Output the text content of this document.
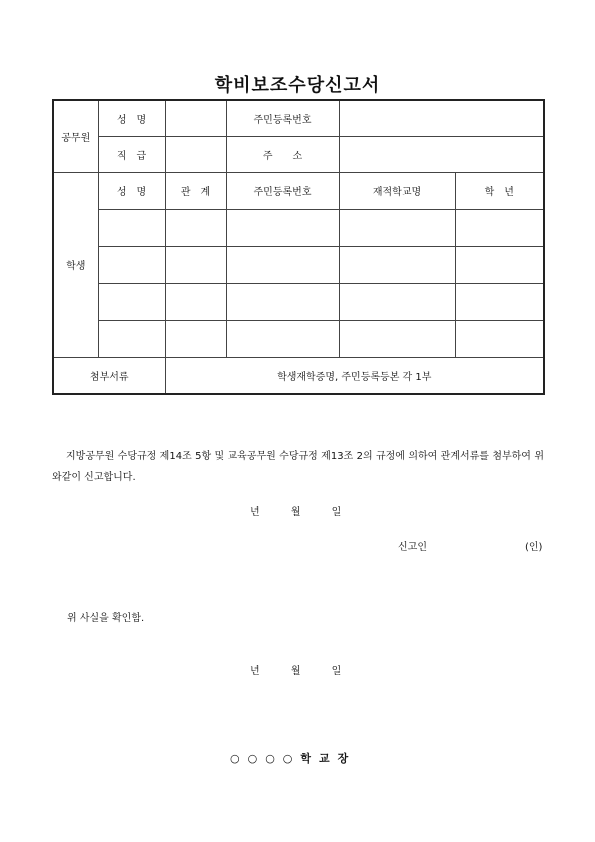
학비보조수당신고서
공무원	성　명		주민등록번호		
	직　급		주　　소		
학생	성　명	관　계	주민등록번호	재적학교명	학　년

첨부서류		학생재학증명, 주민등록등본 각 1부			
지방공무원 수당규정 제14조 5항 및 교육공무원 수당규정 제13조 2의 규정에 의하여 관계서류를 첨부하여 위와같이 신고합니다.
년 월 일
신고인	(인)
위 사실을 확인함.
년 월 일
○○○○학교장
